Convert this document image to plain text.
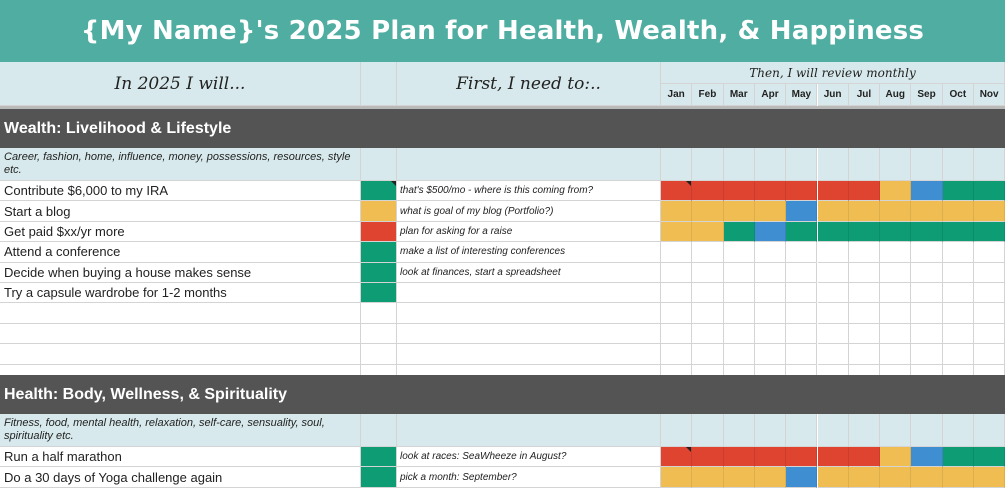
{My Name}'s 2025 Plan for Health, Wealth, & Happiness
In 2025 I will...	First, I need to:..
Then, I will review monthly
Jan	Feb	Mar	Apr	May	Jun	Jul	Aug	Sep	Oct	Nov
Wealth: Livelihood & Lifestyle
Career, fashion, home, influence, money, possessions, resources, style etc.
Contribute $6,000 to my IRA	that's $500/mo - where is this coming from?
Start a blog	what is goal of my blog (Portfolio?)
Get paid $xx/yr more	plan for asking for a raise
Attend a conference	make a list of interesting conferences
Decide when buying a house makes sense	look at finances, start a spreadsheet
Try a capsule wardrobe for 1-2 months
Health: Body, Wellness, & Spirituality
Fitness, food, mental health, relaxation, self-care, sensuality, soul, spirituality etc.
Run a half marathon	look at races: SeaWheeze in August?
Do a 30 days of Yoga challenge again	pick a month: September?
